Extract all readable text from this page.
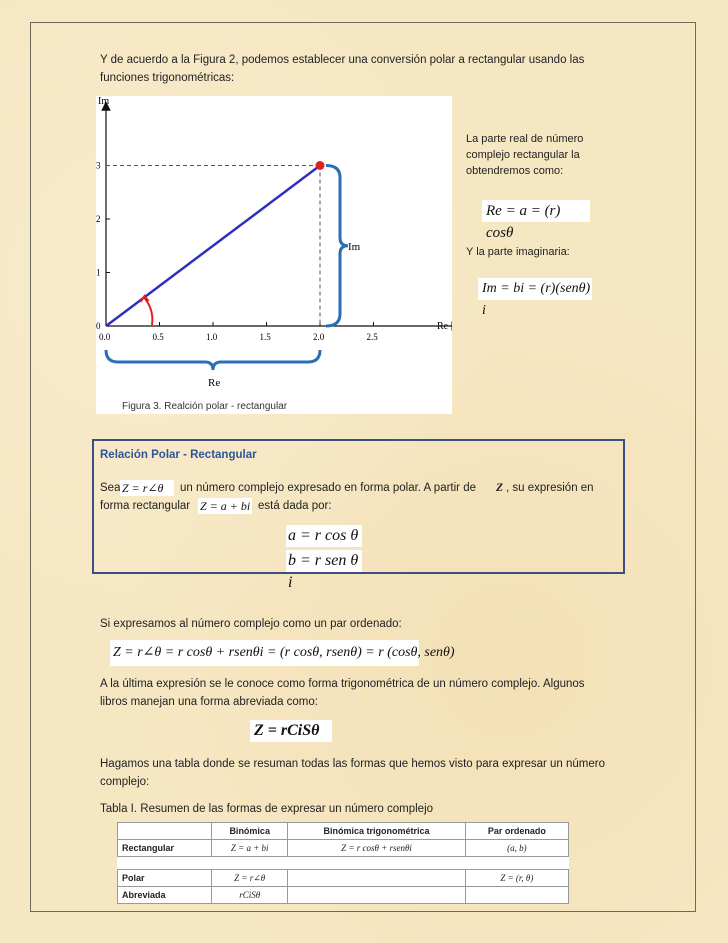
Y de acuerdo a la Figura 2, podemos establecer una conversión polar a rectangular usando las
funciones trigonométricas:
Im
Re
0.0	0.5	1.0	1.5	2.0	2.5
0
1
2
3
Im
Re
Figura 3. Realción polar - rectangular
La parte real de número
complejo rectangular la
obtendremos como:
Re = a = (r) cosθ
Y la parte imaginaria:
Im = bi = (r)(senθ) i
Relación Polar - Rectangular
Sea Z = r∠θ	un número complejo expresado en forma polar. A partir de Z , su expresión en
forma rectangular Z = a + bi está dada por:
a = r cos θ
b = r sen θ i
Si expresamos al número complejo como un par ordenado:
Z = r∠θ = r cosθ + rsenθi = (r cosθ, rsenθ) = r (cosθ, senθ)
A la última expresión se le conoce como forma trigonométrica de un número complejo. Algunos
libros manejan una forma abreviada como:
Z = rCiSθ
Hagamos una tabla donde se resuman todas las formas que hemos visto para expresar un número
complejo:
Tabla I. Resumen de las formas de expresar un número complejo
	Binómica	Binómica trigonométrica	Par ordenado
Rectangular	Z = a + bi	Z = r cosθ + rsenθi	(a, b)

Polar	Z = r∠θ		Z = (r, θ)
Abreviada	rCiSθ		
